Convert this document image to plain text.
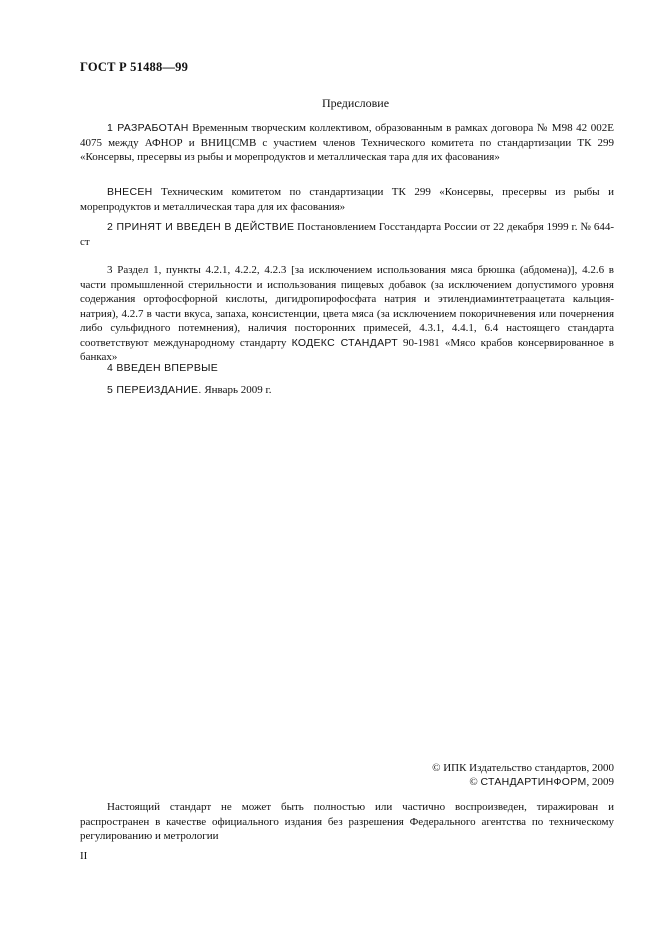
ГОСТ Р 51488—99
Предисловие

1 РАЗРАБОТАН Временным творческим коллективом, образованным в рамках договора № М98 42 002Е 4075 между АФНОР и ВНИЦСМВ с участием членов Технического комитета по стандартизации ТК 299 «Консервы, пресервы из рыбы и морепродуктов и металлическая тара для их фасования»

ВНЕСЕН Техническим комитетом по стандартизации ТК 299 «Консервы, пресервы из рыбы и морепродуктов и металлическая тара для их фасования»

2 ПРИНЯТ И ВВЕДЕН В ДЕЙСТВИЕ Постановлением Госстандарта России от 22 декабря 1999 г. № 644-ст

3 Раздел 1, пункты 4.2.1, 4.2.2, 4.2.3 [за исключением использования мяса брюшка (абдомена)], 4.2.6 в части промышленной стерильности и использования пищевых добавок (за исключением допустимого уровня содержания ортофосфорной кислоты, дигидропирофосфата натрия и этилендиаминтетраацетата кальция-натрия), 4.2.7 в части вкуса, запаха, консистенции, цвета мяса (за исключением покоричневения или почернения либо сульфидного потемнения), наличия посторонних примесей, 4.3.1, 4.4.1, 6.4 настоящего стандарта соответствуют международному стандарту КОДЕКС СТАНДАРТ 90-1981 «Мясо крабов консервированное в банках»

4 ВВЕДЕН ВПЕРВЫЕ

5 ПЕРЕИЗДАНИЕ. Январь 2009 г.

© ИПК Издательство стандартов, 2000
© СТАНДАРТИНФОРМ, 2009

Настоящий стандарт не может быть полностью или частично воспроизведен, тиражирован и распространен в качестве официального издания без разрешения Федерального агентства по техническому регулированию и метрологии

II
